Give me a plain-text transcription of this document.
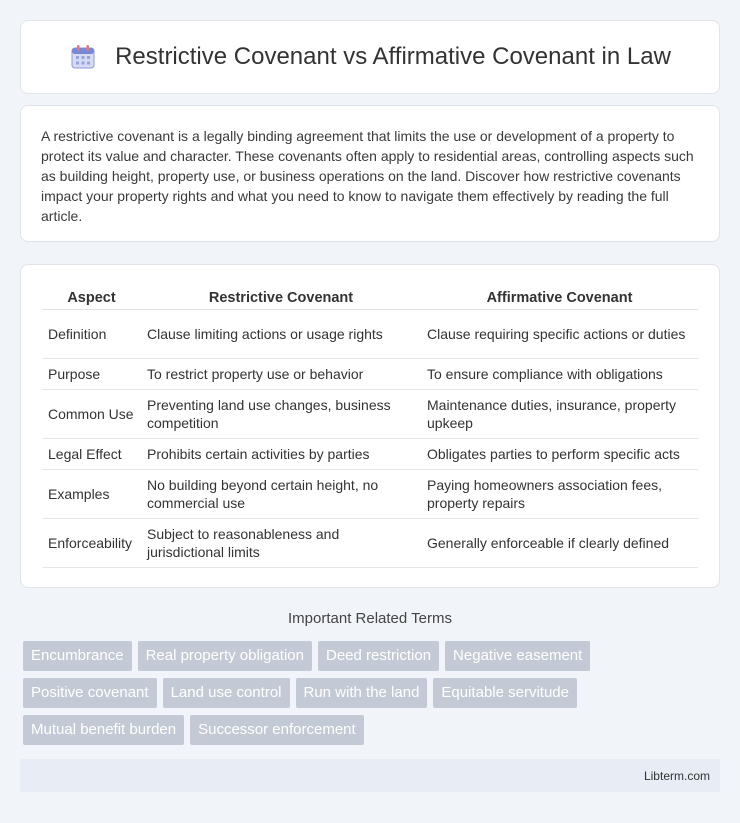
Restrictive Covenant vs Affirmative Covenant in Law

A restrictive covenant is a legally binding agreement that limits the use or development of a property to protect its value and character. These covenants often apply to residential areas, controlling aspects such as building height, property use, or business operations on the land. Discover how restrictive covenants impact your property rights and what you need to know to navigate them effectively by reading the full article.

Aspect	Restrictive Covenant	Affirmative Covenant
Definition	Clause limiting actions or usage rights	Clause requiring specific actions or duties
Purpose	To restrict property use or behavior	To ensure compliance with obligations
Common Use	Preventing land use changes, business competition	Maintenance duties, insurance, property upkeep
Legal Effect	Prohibits certain activities by parties	Obligates parties to perform specific acts
Examples	No building beyond certain height, no commercial use	Paying homeowners association fees, property repairs
Enforceability	Subject to reasonableness and jurisdictional limits	Generally enforceable if clearly defined
Important Related Terms
Encumbrance	Real property obligation	Deed restriction	Negative easement
Positive covenant	Land use control	Run with the land	Equitable servitude
Mutual benefit burden	Successor enforcement
Libterm.com
